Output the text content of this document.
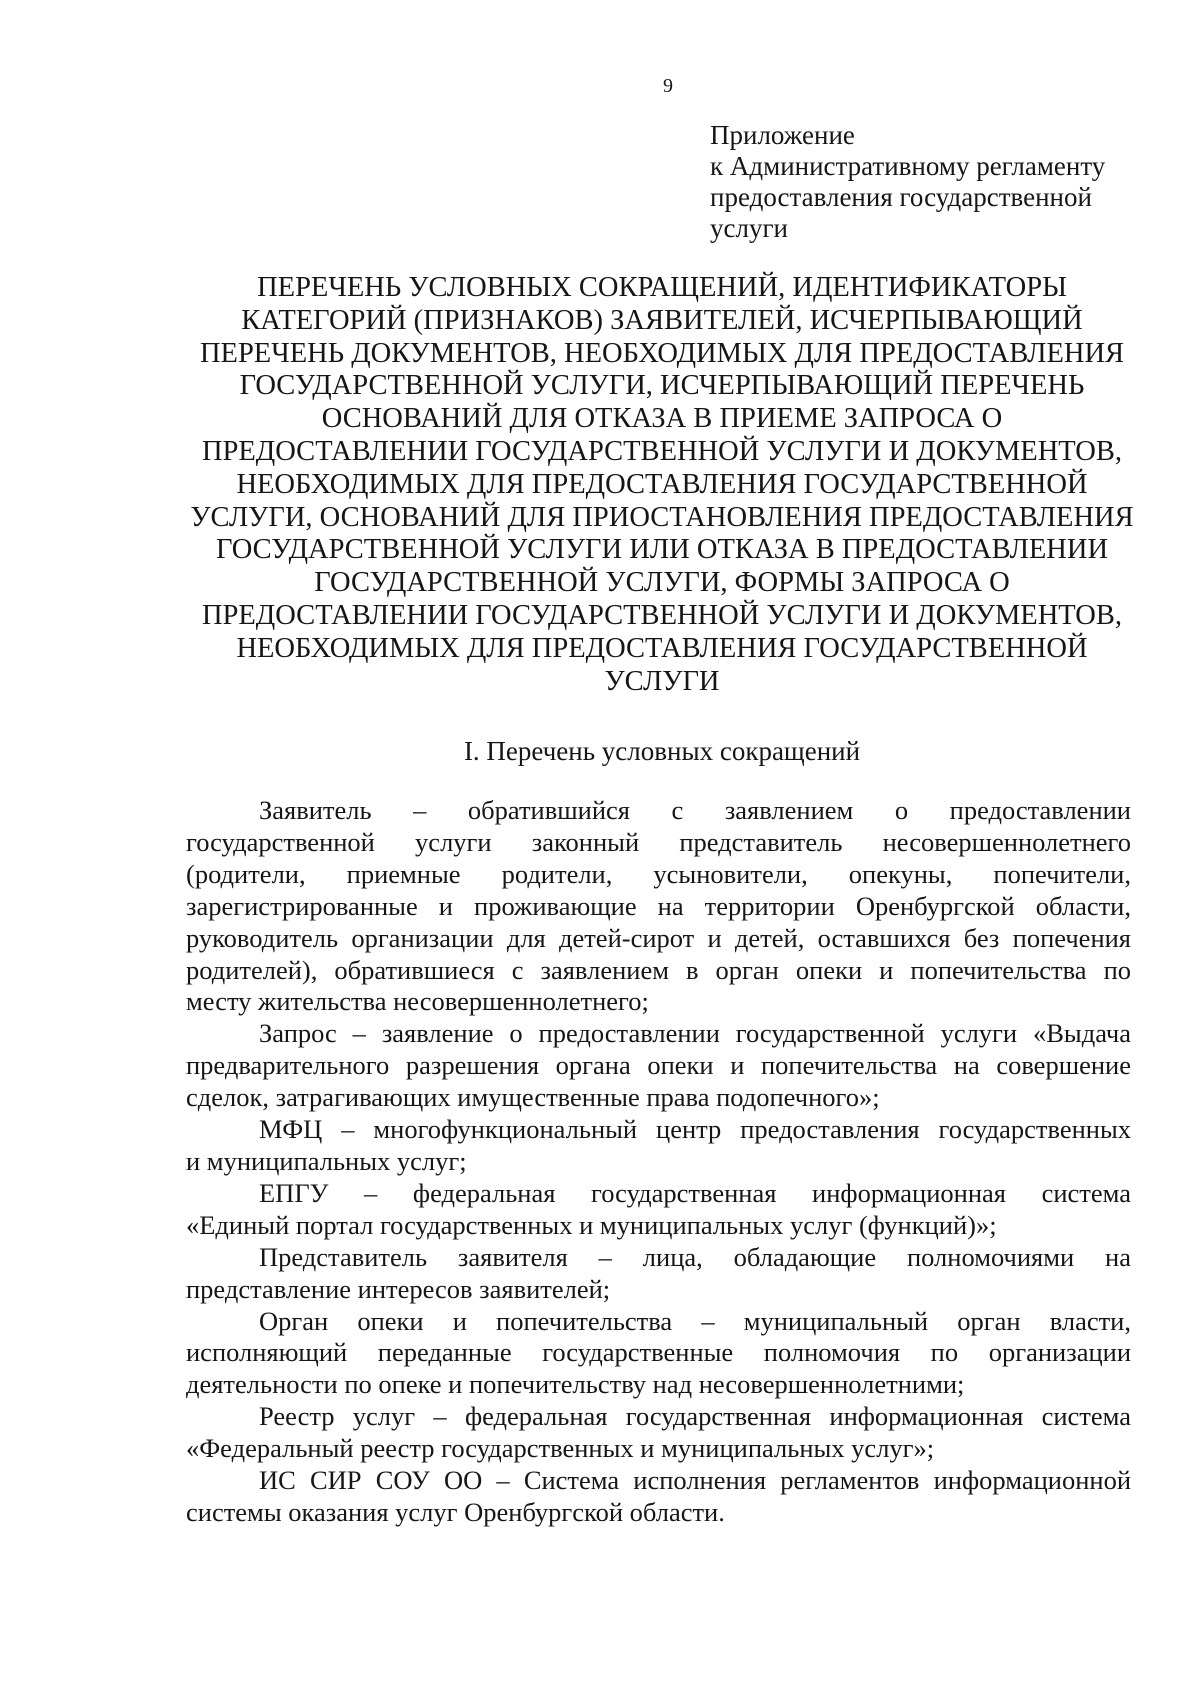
9
Приложение
к Административному регламенту
предоставления государственной
услуги
ПЕРЕЧЕНЬ УСЛОВНЫХ СОКРАЩЕНИЙ, ИДЕНТИФИКАТОРЫ
КАТЕГОРИЙ (ПРИЗНАКОВ) ЗАЯВИТЕЛЕЙ, ИСЧЕРПЫВАЮЩИЙ
ПЕРЕЧЕНЬ ДОКУМЕНТОВ, НЕОБХОДИМЫХ ДЛЯ ПРЕДОСТАВЛЕНИЯ
ГОСУДАРСТВЕННОЙ УСЛУГИ, ИСЧЕРПЫВАЮЩИЙ ПЕРЕЧЕНЬ
ОСНОВАНИЙ ДЛЯ ОТКАЗА В ПРИЕМЕ ЗАПРОСА О
ПРЕДОСТАВЛЕНИИ ГОСУДАРСТВЕННОЙ УСЛУГИ И ДОКУМЕНТОВ,
НЕОБХОДИМЫХ ДЛЯ ПРЕДОСТАВЛЕНИЯ ГОСУДАРСТВЕННОЙ
УСЛУГИ, ОСНОВАНИЙ ДЛЯ ПРИОСТАНОВЛЕНИЯ ПРЕДОСТАВЛЕНИЯ
ГОСУДАРСТВЕННОЙ УСЛУГИ ИЛИ ОТКАЗА В ПРЕДОСТАВЛЕНИИ
ГОСУДАРСТВЕННОЙ УСЛУГИ, ФОРМЫ ЗАПРОСА О
ПРЕДОСТАВЛЕНИИ ГОСУДАРСТВЕННОЙ УСЛУГИ И ДОКУМЕНТОВ,
НЕОБХОДИМЫХ ДЛЯ ПРЕДОСТАВЛЕНИЯ ГОСУДАРСТВЕННОЙ
УСЛУГИ
I. Перечень условных сокращений

Заявитель – обратившийся с заявлением о предоставлении
государственной услуги законный представитель несовершеннолетнего
(родители, приемные родители, усыновители, опекуны, попечители,
зарегистрированные и проживающие на территории Оренбургской области,
руководитель организации для детей-сирот и детей, оставшихся без попечения
родителей), обратившиеся с заявлением в орган опеки и попечительства по
месту жительства несовершеннолетнего;

Запрос – заявление о предоставлении государственной услуги «Выдача
предварительного разрешения органа опеки и попечительства на совершение
сделок, затрагивающих имущественные права подопечного»;

МФЦ – многофункциональный центр предоставления государственных
и муниципальных услуг;

ЕПГУ – федеральная государственная информационная система
«Единый портал государственных и муниципальных услуг (функций)»;

Представитель заявителя – лица, обладающие полномочиями на
представление интересов заявителей;

Орган опеки и попечительства – муниципальный орган власти,
исполняющий переданные государственные полномочия по организации
деятельности по опеке и попечительству над несовершеннолетними;

Реестр услуг – федеральная государственная информационная система
«Федеральный реестр государственных и муниципальных услуг»;

ИС СИР СОУ ОО – Система исполнения регламентов информационной
системы оказания услуг Оренбургской области.
